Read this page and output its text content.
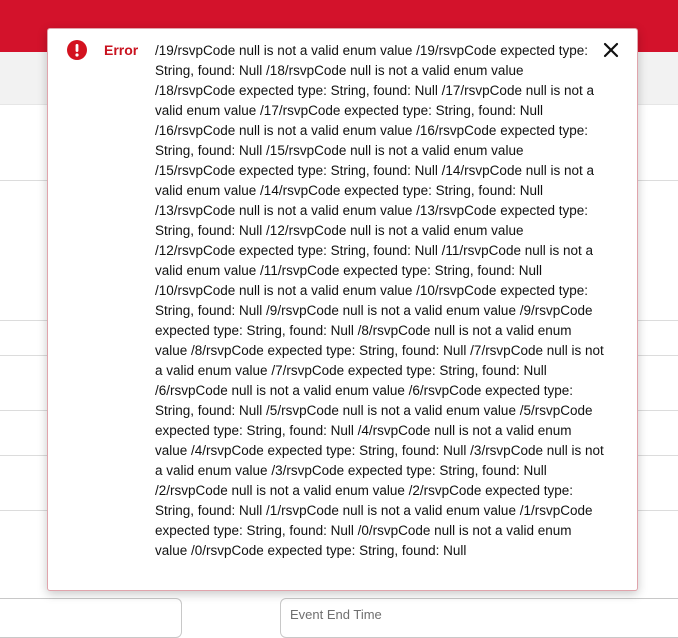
Event End Time
Error /19/rsvpCode null is not a valid enum value /19/rsvpCode expected type: String, found: Null /18/rsvpCode null is not a valid enum value /18/rsvpCode expected type: String, found: Null /17/rsvpCode null is not a valid enum value /17/rsvpCode expected type: String, found: Null /16/rsvpCode null is not a valid enum value /16/rsvpCode expected type: String, found: Null /15/rsvpCode null is not a valid enum value /15/rsvpCode expected type: String, found: Null /14/rsvpCode null is not a valid enum value /14/rsvpCode expected type: String, found: Null /13/rsvpCode null is not a valid enum value /13/rsvpCode expected type: String, found: Null /12/rsvpCode null is not a valid enum value /12/rsvpCode expected type: String, found: Null /11/rsvpCode null is not a valid enum value /11/rsvpCode expected type: String, found: Null /10/rsvpCode null is not a valid enum value /10/rsvpCode expected type: String, found: Null /9/rsvpCode null is not a valid enum value /9/rsvpCode expected type: String, found: Null /8/rsvpCode null is not a valid enum value /8/rsvpCode expected type: String, found: Null /7/rsvpCode null is not a valid enum value /7/rsvpCode expected type: String, found: Null /6/rsvpCode null is not a valid enum value /6/rsvpCode expected type: String, found: Null /5/rsvpCode null is not a valid enum value /5/rsvpCode expected type: String, found: Null /4/rsvpCode null is not a valid enum value /4/rsvpCode expected type: String, found: Null /3/rsvpCode null is not a valid enum value /3/rsvpCode expected type: String, found: Null /2/rsvpCode null is not a valid enum value /2/rsvpCode expected type: String, found: Null /1/rsvpCode null is not a valid enum value /1/rsvpCode expected type: String, found: Null /0/rsvpCode null is not a valid enum value /0/rsvpCode expected type: String, found: Null
